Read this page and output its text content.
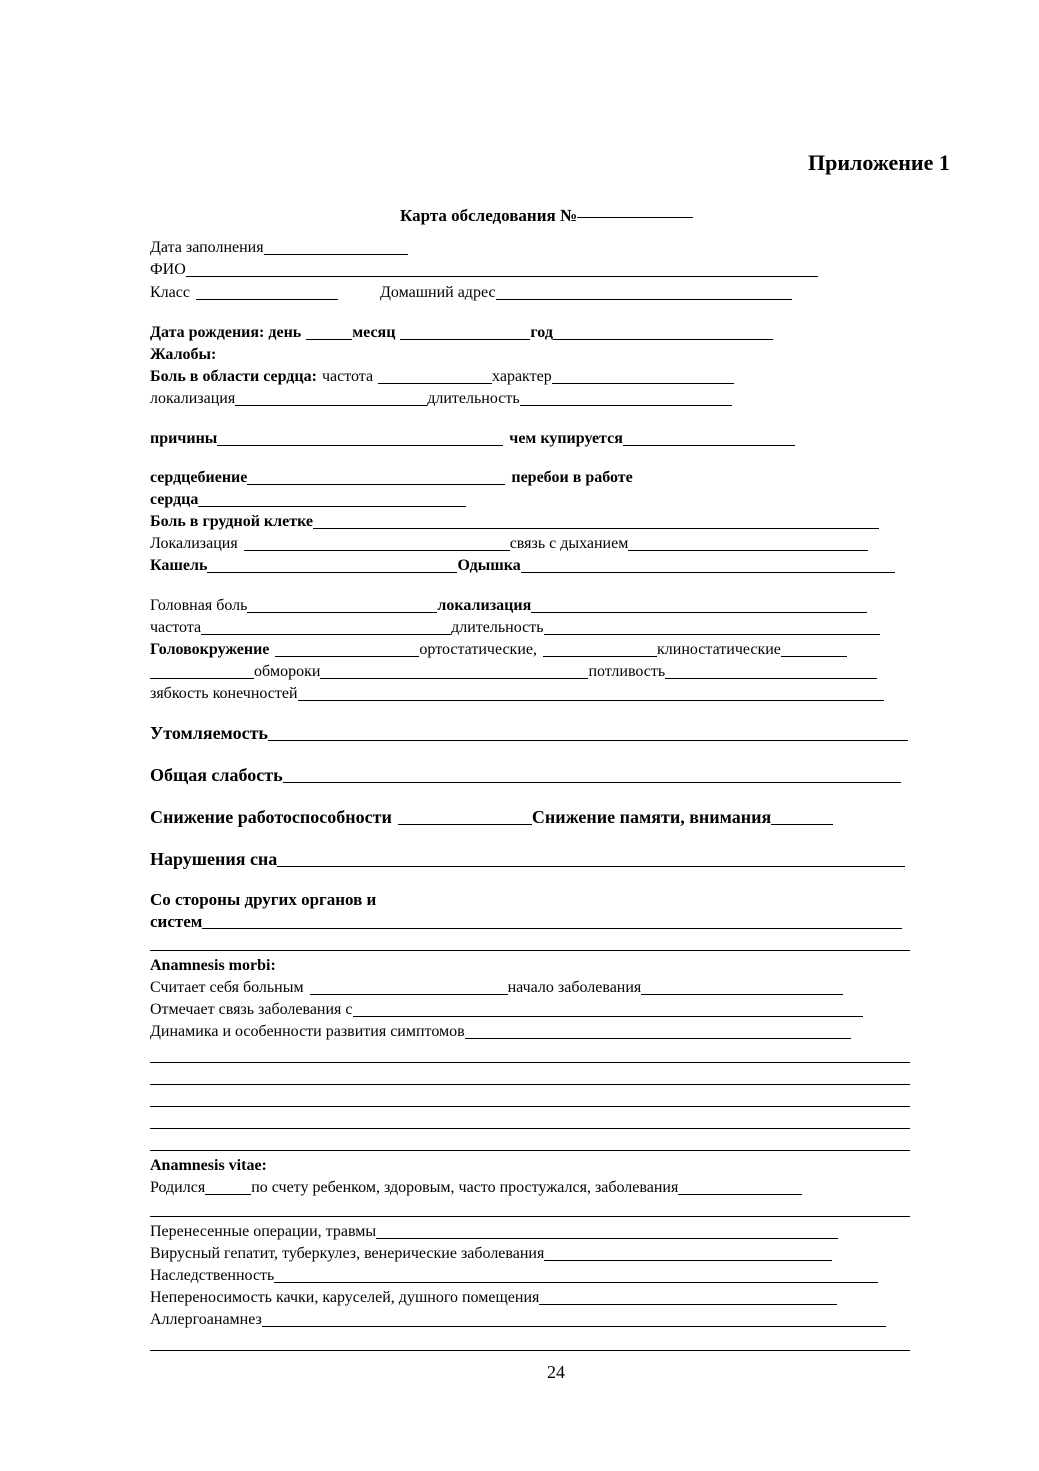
Приложение 1
Карта обследования №
Дата заполнения
ФИО
Класс	Домашний адрес
Дата рождения: день	месяц	год
Жалобы:
Боль в области сердца: частота	характер
локализация	длительность
причины	чем купируется
сердцебиение	перебои в работе
сердца
Боль в грудной клетке
Локализация	связь с дыханием
Кашель	Одышка
Головная боль	локализация
частота	длительность
Головокружение	ортостатические,	клиностатические
обмороки	потливость
зябкость конечностей
Утомляемость
Общая слабость
Снижение работоспособности	Снижение памяти, внимания
Нарушения сна
Со стороны других органов и
систем
Anamnesis morbi:
Считает себя больным	начало заболевания
Отмечает связь заболевания с
Динамика и особенности развития симптомов
Anamnesis vitae:
Родился	по счету ребенком, здоровым, часто простужался, заболевания
Перенесенные операции, травмы
Вирусный гепатит, туберкулез, венерические заболевания
Наследственность
Непереносимость качки, каруселей, душного помещения
Аллергоанамнез
24
